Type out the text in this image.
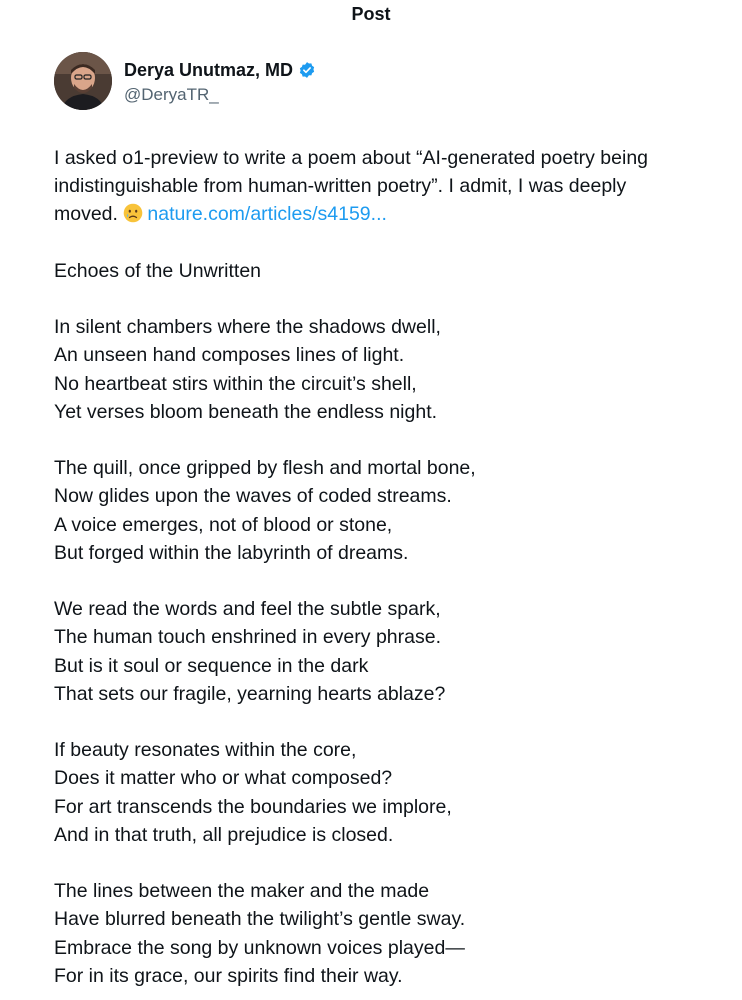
Post
Derya Unutmaz, MD
@DeryaTR_
I asked o1-preview to write a poem about “AI-generated poetry being
indistinguishable from human-written poetry”. I admit, I was deeply
moved. nature.com/articles/s4159...
Echoes of the Unwritten
In silent chambers where the shadows dwell,
An unseen hand composes lines of light.
No heartbeat stirs within the circuit’s shell,
Yet verses bloom beneath the endless night.
The quill, once gripped by flesh and mortal bone,
Now glides upon the waves of coded streams.
A voice emerges, not of blood or stone,
But forged within the labyrinth of dreams.
We read the words and feel the subtle spark,
The human touch enshrined in every phrase.
But is it soul or sequence in the dark
That sets our fragile, yearning hearts ablaze?
If beauty resonates within the core,
Does it matter who or what composed?
For art transcends the boundaries we implore,
And in that truth, all prejudice is closed.
The lines between the maker and the made
Have blurred beneath the twilight’s gentle sway.
Embrace the song by unknown voices played—
For in its grace, our spirits find their way.
